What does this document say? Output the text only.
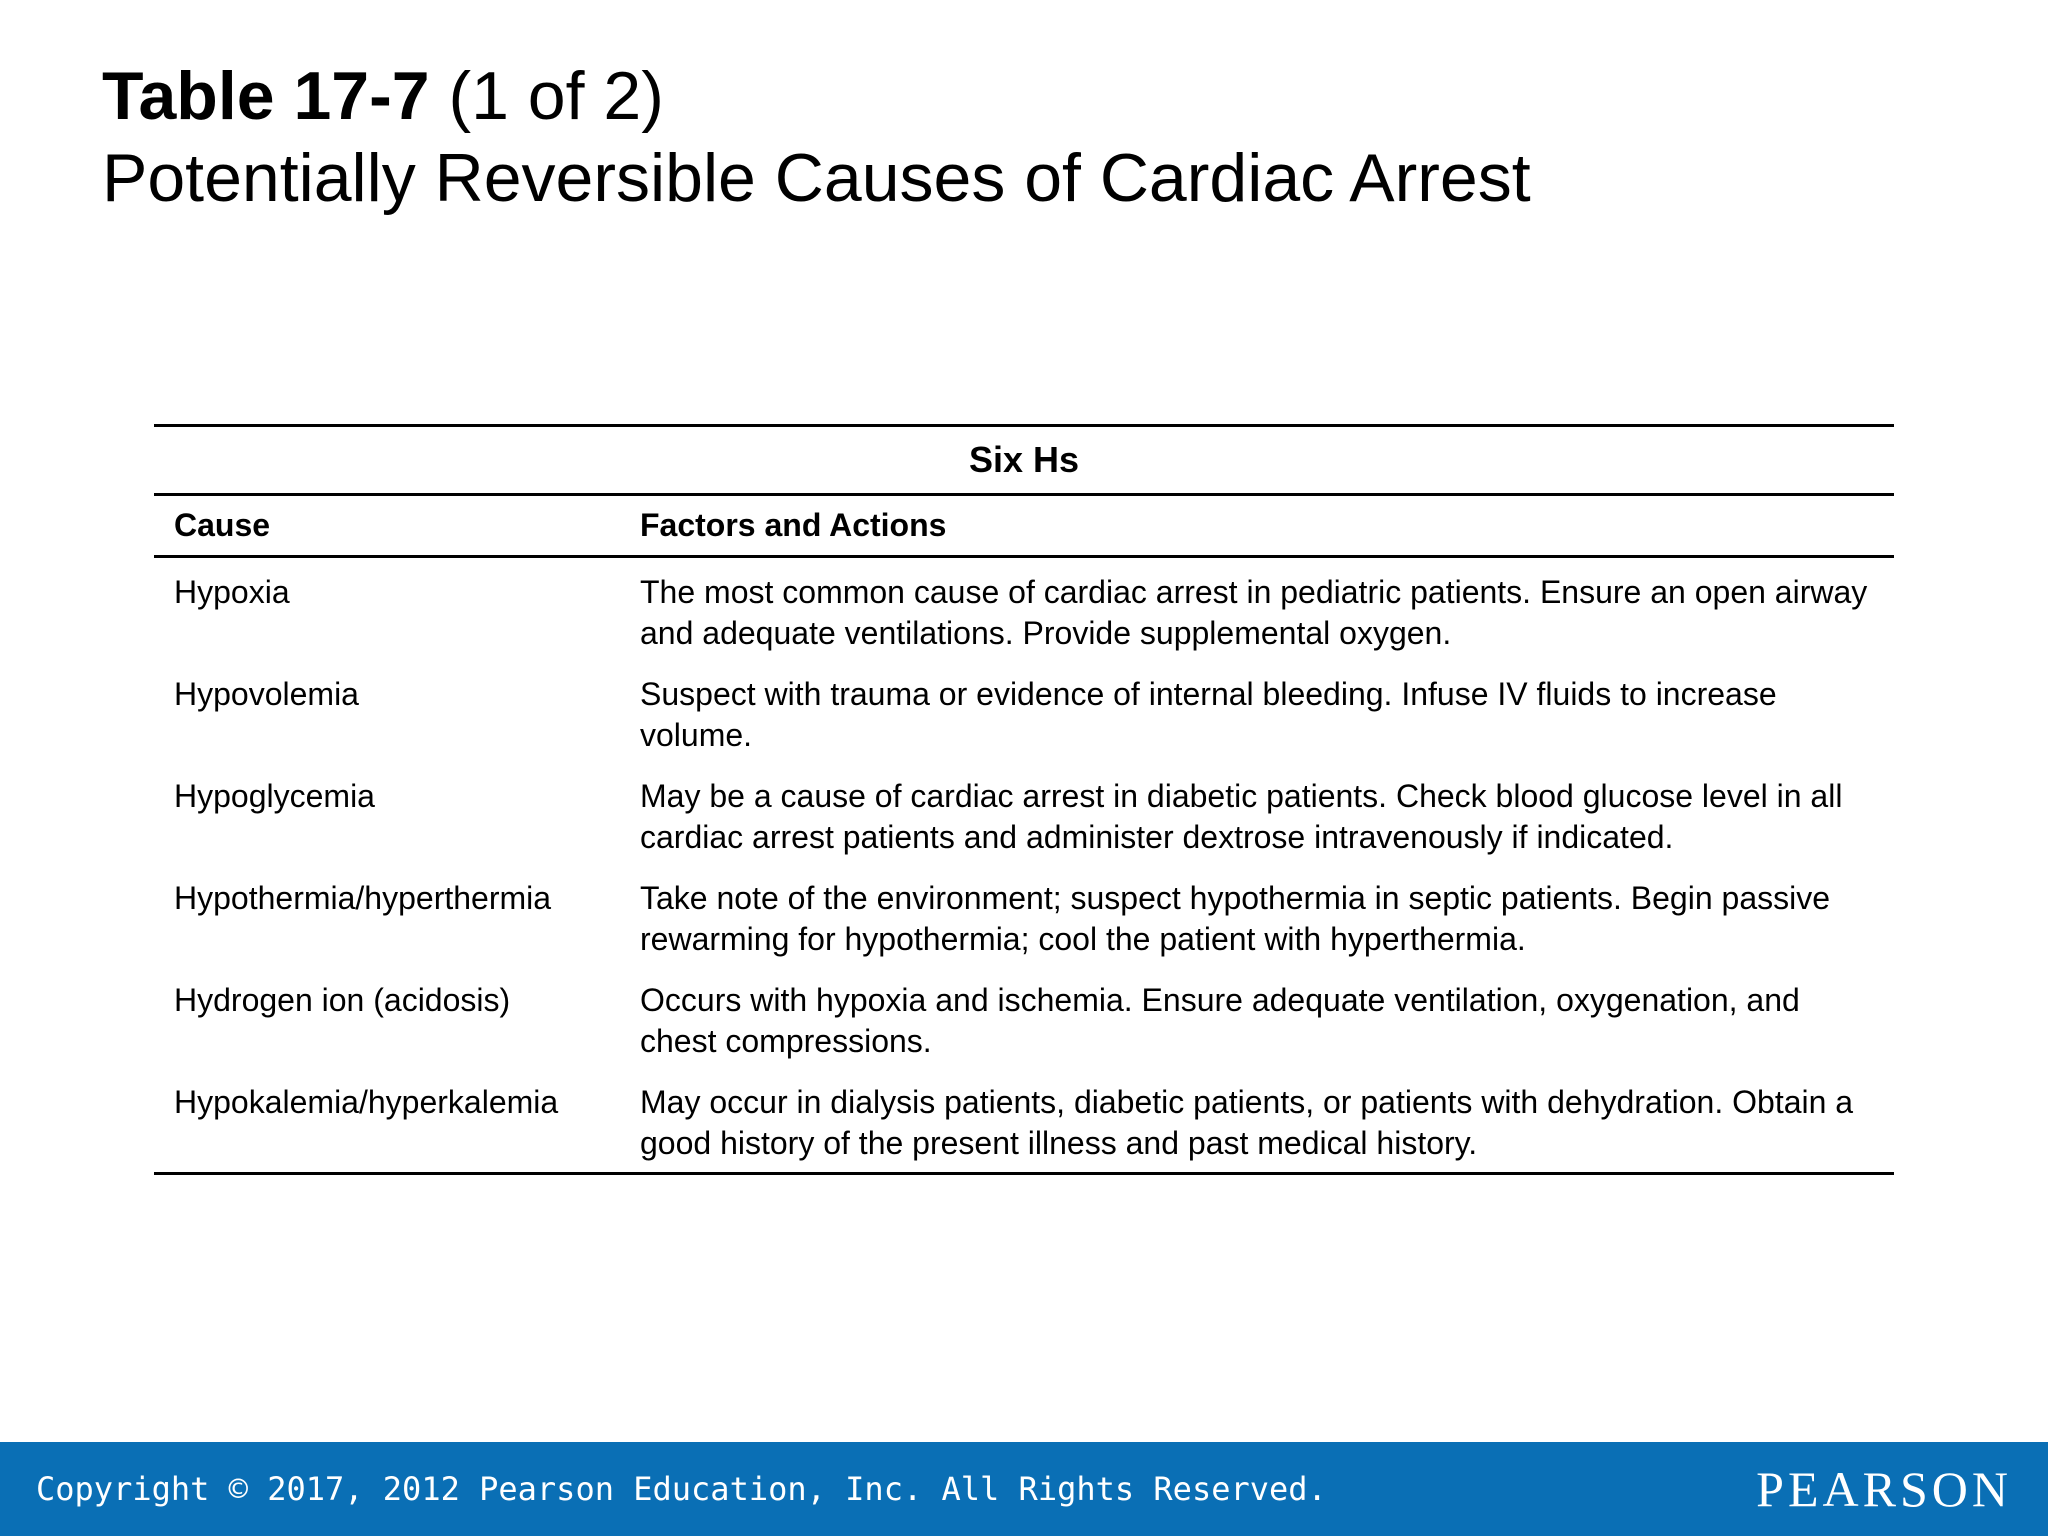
Table 17-7 (1 of 2)
Potentially Reversible Causes of Cardiac Arrest
Six Hs
Cause	Factors and Actions
Hypoxia	The most common cause of cardiac arrest in pediatric patients. Ensure an open airway and adequate ventilations. Provide supplemental oxygen.
Hypovolemia	Suspect with trauma or evidence of internal bleeding. Infuse IV fluids to increase volume.
Hypoglycemia	May be a cause of cardiac arrest in diabetic patients. Check blood glucose level in all cardiac arrest patients and administer dextrose intravenously if indicated.
Hypothermia/hyperthermia	Take note of the environment; suspect hypothermia in septic patients. Begin passive rewarming for hypothermia; cool the patient with hyperthermia.
Hydrogen ion (acidosis)	Occurs with hypoxia and ischemia. Ensure adequate ventilation, oxygenation, and chest compressions.
Hypokalemia/hyperkalemia	May occur in dialysis patients, diabetic patients, or patients with dehydration. Obtain a good history of the present illness and past medical history.
Copyright © 2017, 2012 Pearson Education, Inc. All Rights Reserved.	PEARSON
